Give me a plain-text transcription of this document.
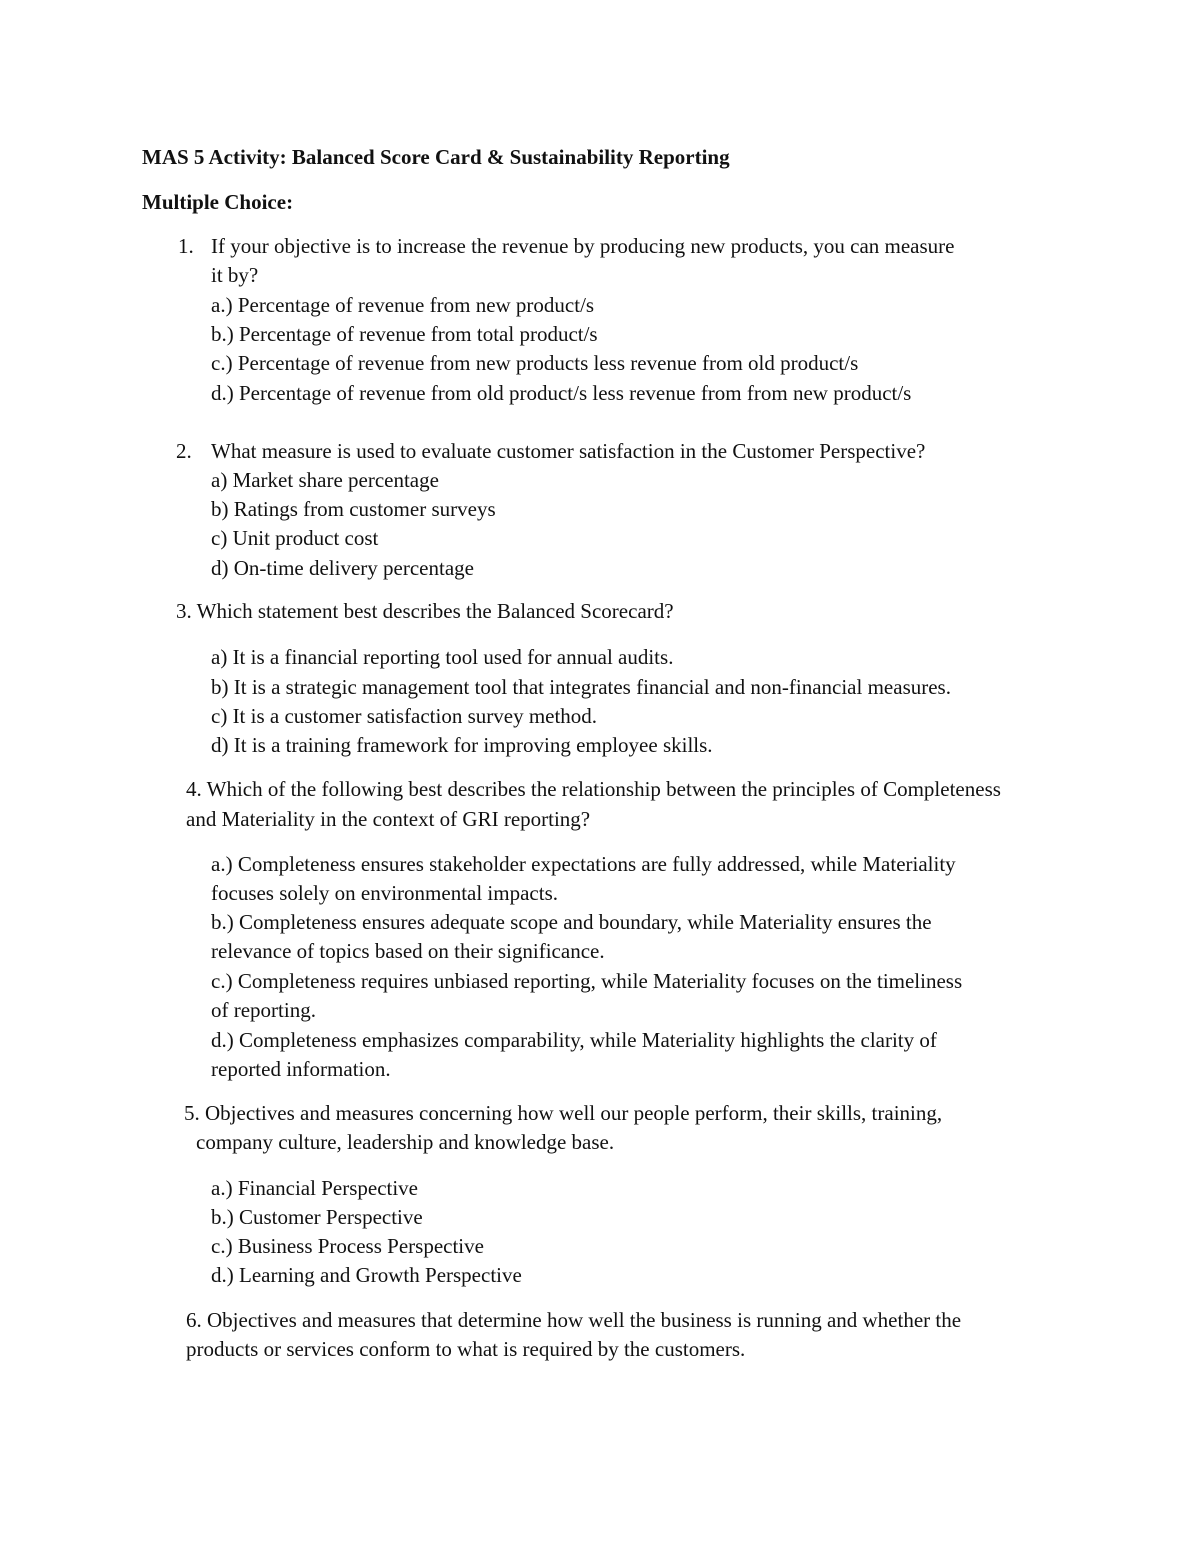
MAS 5 Activity: Balanced Score Card & Sustainability Reporting

Multiple Choice:

1. If your objective is to increase the revenue by producing new products, you can measure

it by?

a.) Percentage of revenue from new product/s

b.) Percentage of revenue from total product/s

c.) Percentage of revenue from new products less revenue from old product/s

d.) Percentage of revenue from old product/s less revenue from from new product/s

2. What measure is used to evaluate customer satisfaction in the Customer Perspective?

a) Market share percentage

b) Ratings from customer surveys

c) Unit product cost

d) On-time delivery percentage

3. Which statement best describes the Balanced Scorecard?

a) It is a financial reporting tool used for annual audits.

b) It is a strategic management tool that integrates financial and non-financial measures.

c) It is a customer satisfaction survey method.

d) It is a training framework for improving employee skills.

4. Which of the following best describes the relationship between the principles of Completeness

and Materiality in the context of GRI reporting?

a.) Completeness ensures stakeholder expectations are fully addressed, while Materiality

focuses solely on environmental impacts.

b.) Completeness ensures adequate scope and boundary, while Materiality ensures the

relevance of topics based on their significance.

c.) Completeness requires unbiased reporting, while Materiality focuses on the timeliness

of reporting.

d.) Completeness emphasizes comparability, while Materiality highlights the clarity of

reported information.

5. Objectives and measures concerning how well our people perform, their skills, training,

company culture, leadership and knowledge base.

a.) Financial Perspective

b.) Customer Perspective

c.) Business Process Perspective

d.) Learning and Growth Perspective

6. Objectives and measures that determine how well the business is running and whether the

products or services conform to what is required by the customers.
